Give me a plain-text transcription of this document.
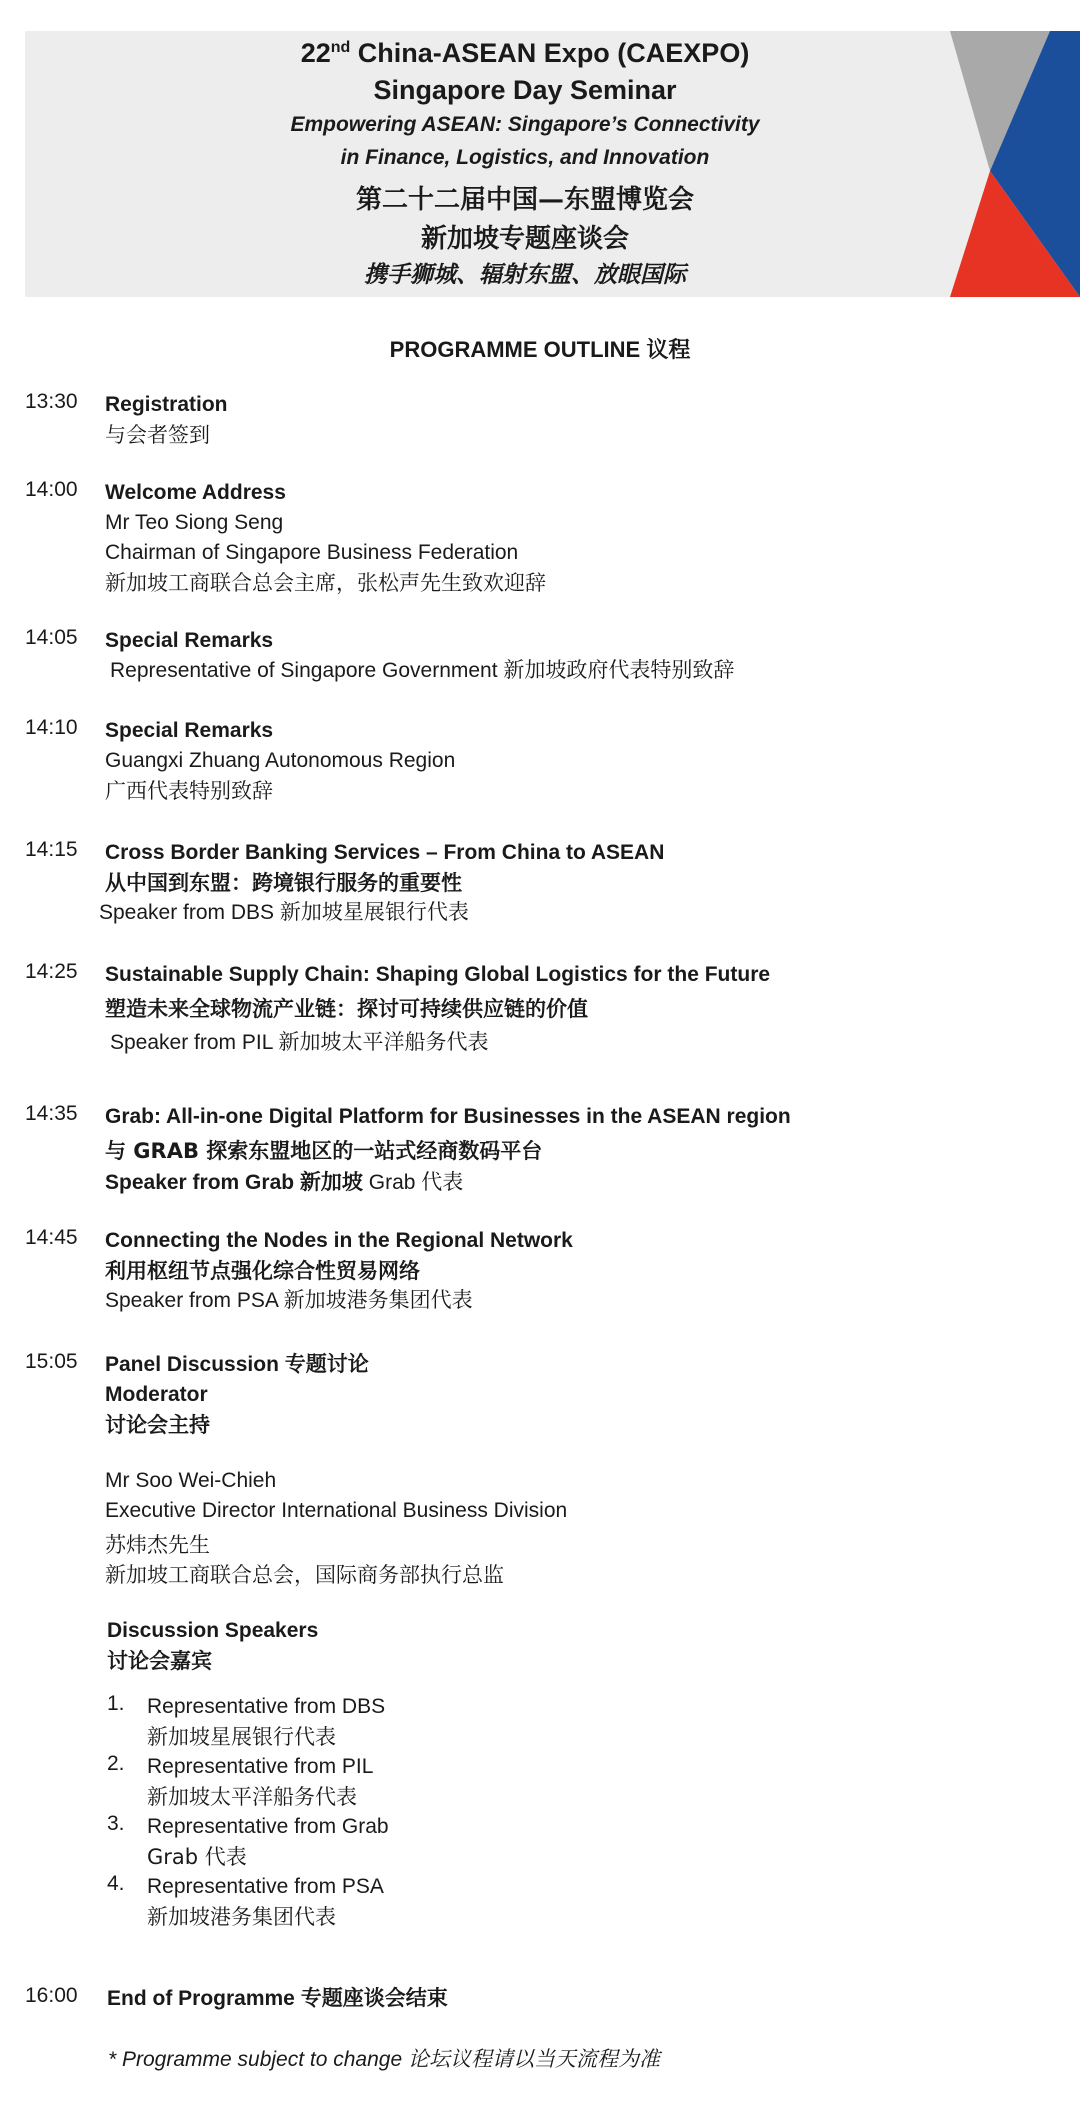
22nd China-ASEAN Expo (CAEXPO)
Singapore Day Seminar
Empowering ASEAN: Singapore’s Connectivity
in Finance, Logistics, and Innovation
第二十二届中国—东盟博览会
新加坡专题座谈会
携手狮城、辐射东盟、放眼国际
PROGRAMME OUTLINE 议程
13:30 Registration
与会者签到
14:00 Welcome Address
Mr Teo Siong Seng
Chairman of Singapore Business Federation
新加坡工商联合总会主席，张松声先生致欢迎辞
14:05 Special Remarks
Representative of Singapore Government 新加坡政府代表特别致辞
14:10 Special Remarks
Guangxi Zhuang Autonomous Region
广西代表特别致辞
14:15 Cross Border Banking Services – From China to ASEAN
从中国到东盟：跨境银行服务的重要性
Speaker from DBS 新加坡星展银行代表
14:25 Sustainable Supply Chain: Shaping Global Logistics for the Future
塑造未来全球物流产业链：探讨可持续供应链的价值
Speaker from PIL 新加坡太平洋船务代表
14:35 Grab: All-in-one Digital Platform for Businesses in the ASEAN region
与 GRAB 探索东盟地区的一站式经商数码平台
Speaker from Grab 新加坡 Grab 代表
14:45 Connecting the Nodes in the Regional Network
利用枢纽节点强化综合性贸易网络
Speaker from PSA 新加坡港务集团代表
15:05 Panel Discussion 专题讨论
Moderator
讨论会主持
Mr Soo Wei-Chieh
Executive Director International Business Division
苏炜杰先生
新加坡工商联合总会，国际商务部执行总监
Discussion Speakers
讨论会嘉宾
1. Representative from DBS
新加坡星展银行代表
2. Representative from PIL
新加坡太平洋船务代表
3. Representative from Grab
Grab 代表
4. Representative from PSA
新加坡港务集团代表
16:00 End of Programme 专题座谈会结束
* Programme subject to change 论坛议程请以当天流程为准
